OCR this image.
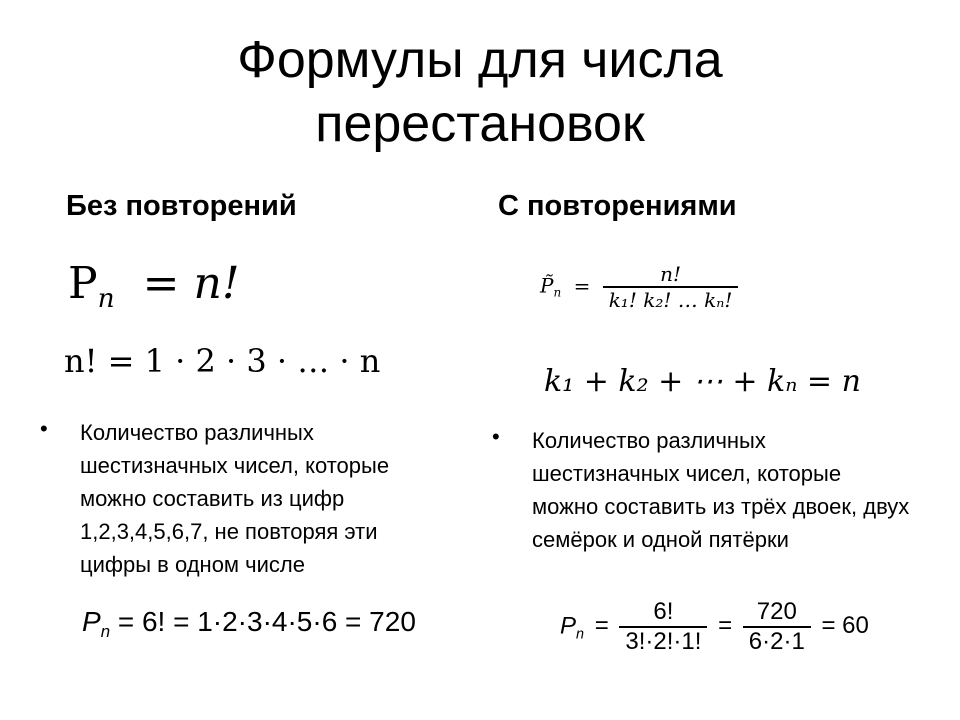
Формулы для числа
перестановок
Без повторений
$P_n = n$!
n! = 1 · 2 · 3 · … · n
• Количество различных шестизначных чисел, которые можно составить из цифр 1,2,3,4,5,6,7, не повторяя эти цифры в одном числе
$P_n = 6$! = 1·2·3·4·5·6 = 720
С повторениями
$P̃_n = \frac{n!}{\text{k₁! k₂! … kₙ!}}$
k₁ + k₂ + ⋯ + kₙ = n
• Количество различных шестизначных чисел, которые можно составить из трёх двоек, двух семёрок и одной пятёрки
$P_n = \frac{6!}{3!\cdot 2!\cdot 1!} = \frac{720}{6\cdot 2\cdot 1} = 60$
